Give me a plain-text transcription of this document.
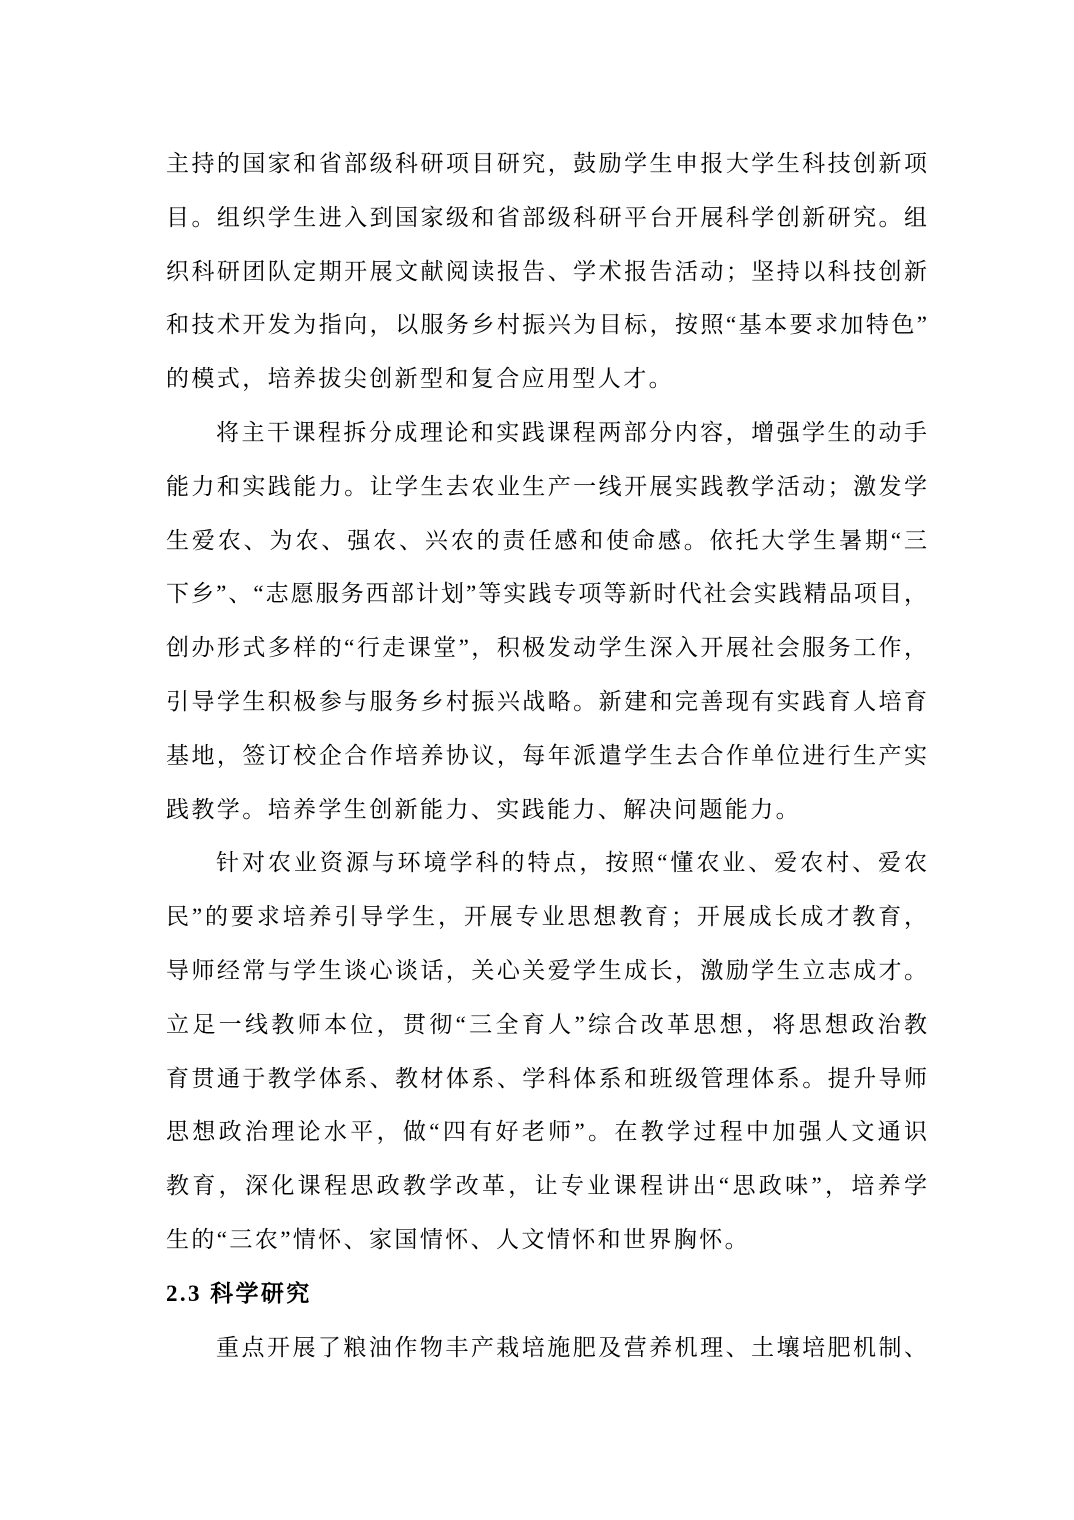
主持的国家和省部级科研项目研究，鼓励学生申报大学生科技创新项
目。组织学生进入到国家级和省部级科研平台开展科学创新研究。组
织科研团队定期开展文献阅读报告、学术报告活动；坚持以科技创新
和技术开发为指向，以服务乡村振兴为目标，按照“基本要求加特色”
的模式，培养拔尖创新型和复合应用型人才。
将主干课程拆分成理论和实践课程两部分内容，增强学生的动手
能力和实践能力。让学生去农业生产一线开展实践教学活动；激发学
生爱农、为农、强农、兴农的责任感和使命感。依托大学生暑期“三
下乡”、“志愿服务西部计划”等实践专项等新时代社会实践精品项目，
创办形式多样的“行走课堂”，积极发动学生深入开展社会服务工作，
引导学生积极参与服务乡村振兴战略。新建和完善现有实践育人培育
基地，签订校企合作培养协议，每年派遣学生去合作单位进行生产实
践教学。培养学生创新能力、实践能力、解决问题能力。
针对农业资源与环境学科的特点，按照“懂农业、爱农村、爱农
民”的要求培养引导学生，开展专业思想教育；开展成长成才教育，
导师经常与学生谈心谈话，关心关爱学生成长，激励学生立志成才。
立足一线教师本位，贯彻“三全育人”综合改革思想，将思想政治教
育贯通于教学体系、教材体系、学科体系和班级管理体系。提升导师
思想政治理论水平，做“四有好老师”。在教学过程中加强人文通识
教育，深化课程思政教学改革，让专业课程讲出“思政味”，培养学
生的“三农”情怀、家国情怀、人文情怀和世界胸怀。
2.3 科学研究
重点开展了粮油作物丰产栽培施肥及营养机理、土壤培肥机制、
